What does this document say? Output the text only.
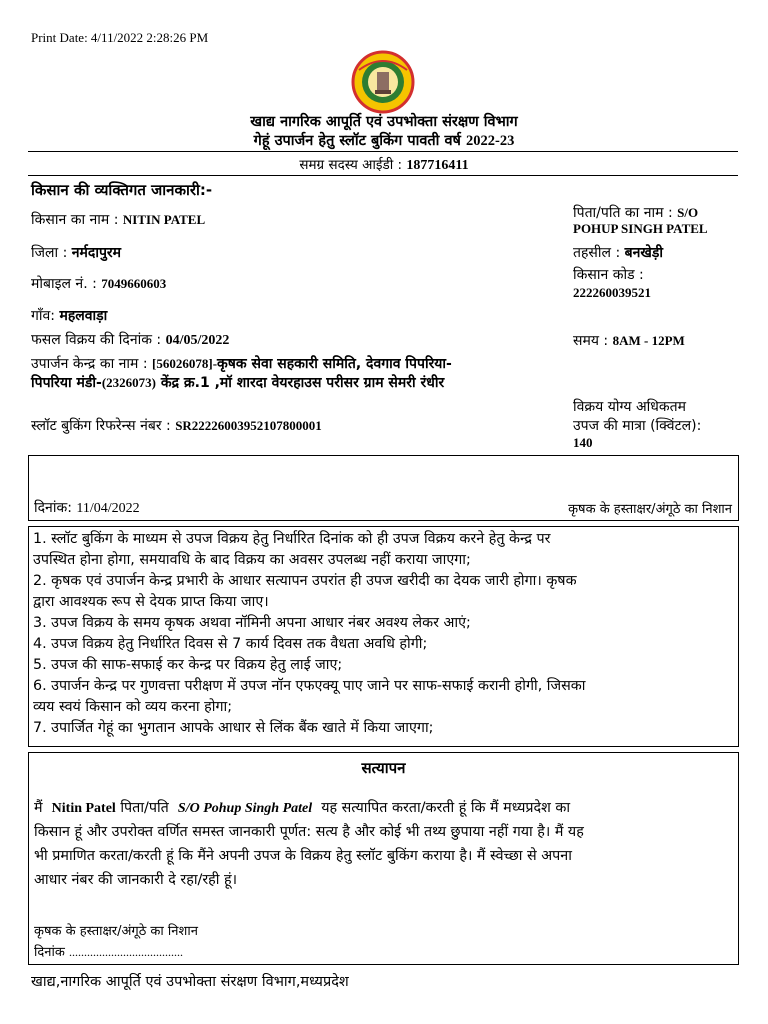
Print Date: 4/11/2022 2:28:26 PM
खाद्य नागरिक आपूर्ति एवं उपभोक्ता संरक्षण विभाग
गेहूं उपार्जन हेतु स्लॉट बुकिंग पावती वर्ष 2022-23
समग्र सदस्य आईडी : 187716411
किसान की व्यक्तिगत जानकारी:-
किसान का नाम : NITIN PATEL
जिला : नर्मदापुरम
मोबाइल नं. : 7049660603
गाँव: महलवाड़ा
फसल विक्रय की दिनांक : 04/05/2022
उपार्जन केन्द्र का नाम : [56026078]-कृषक सेवा सहकारी समिति, देवगाव पिपरिया-
पिपरिया मंडी-(2326073) केंद्र क्र.1 ,मॉ शारदा वेयरहाउस परीसर ग्राम सेमरी रंधीर
स्लॉट बुकिंग रिफरेन्स नंबर : SR22226003952107800001
पिता/पति का नाम : S/O
POHUP SINGH PATEL
तहसील : बनखेड़ी
किसान कोड :
222260039521
समय : 8AM - 12PM
विक्रय योग्य अधिकतम
उपज की मात्रा (क्विंटल):
140
दिनांक: 11/04/2022	कृषक के हस्ताक्षर/अंगूठे का निशान
1. स्लॉट बुकिंग के माध्यम से उपज विक्रय हेतु निर्धारित दिनांक को ही उपज विक्रय करने हेतु केन्द्र पर
उपस्थित होना होगा, समयावधि के बाद विक्रय का अवसर उपलब्ध नहीं कराया जाएगा;
2. कृषक एवं उपार्जन केन्द्र प्रभारी के आधार सत्यापन उपरांत ही उपज खरीदी का देयक जारी होगा। कृषक
द्वारा आवश्यक रूप से देयक प्राप्त किया जाए।
3. उपज विक्रय के समय कृषक अथवा नॉमिनी अपना आधार नंबर अवश्य लेकर आएं;
4. उपज विक्रय हेतु निर्धारित दिवस से 7 कार्य दिवस तक वैधता अवधि होगी;
5. उपज की साफ-सफाई कर केन्द्र पर विक्रय हेतु लाई जाए;
6. उपार्जन केन्द्र पर गुणवत्ता परीक्षण में उपज नॉन एफएक्यू पाए जाने पर साफ-सफाई करानी होगी, जिसका
व्यय स्वयं किसान को व्यय करना होगा;
7. उपार्जित गेहूं का भुगतान आपके आधार से लिंक बैंक खाते में किया जाएगा;
सत्यापन
मैं Nitin Patel पिता/पति S/O Pohup Singh Patel यह सत्यापित करता/करती हूं कि मैं मध्यप्रदेश का
किसान हूं और उपरोक्त वर्णित समस्त जानकारी पूर्णत: सत्य है और कोई भी तथ्य छुपाया नहीं गया है। मैं यह
भी प्रमाणित करता/करती हूं कि मैंने अपनी उपज के विक्रय हेतु स्लॉट बुकिंग कराया है। मैं स्वेच्छा से अपना
आधार नंबर की जानकारी दे रहा/रही हूं।
कृषक के हस्ताक्षर/अंगूठे का निशान
दिनांक ......................................
खाद्य,नागरिक आपूर्ति एवं उपभोक्ता संरक्षण विभाग,मध्यप्रदेश
